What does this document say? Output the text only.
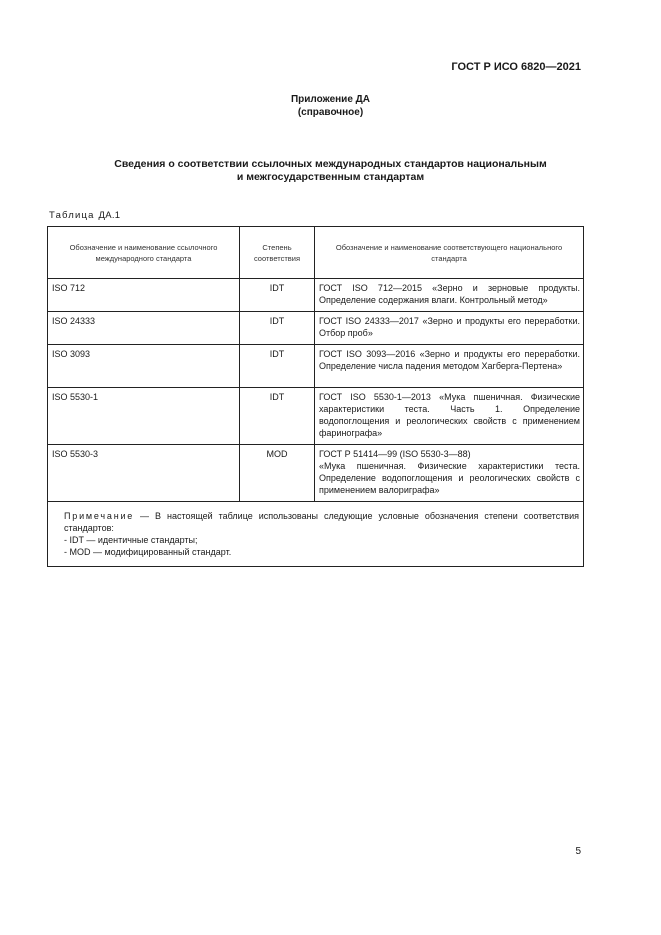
ГОСТ Р ИСО 6820—2021
Приложение ДА
(справочное)
Сведения о соответствии ссылочных международных стандартов национальным
и межгосударственным стандартам
Таблица ДА.1
Обозначение и наименование ссылочного международного стандарта	Степень соответствия	Обозначение и наименование соответствующего национального стандарта

ISO 712	IDT	ГОСТ ISO 712—2015 «Зерно и зерновые продукты. Определение содержания влаги. Контрольный метод»

ISO 24333	IDT	ГОСТ ISO 24333—2017 «Зерно и продукты его переработки. Отбор проб»

ISO 3093	IDT	ГОСТ ISO 3093—2016 «Зерно и продукты его переработки. Определение числа падения методом Хагберга-Пертена»

ISO 5530-1	IDT	ГОСТ ISO 5530-1—2013 «Мука пшеничная. Физические характеристики теста. Часть 1. Определение водопоглощения и реологических свойств с применением фаринографа»

ISO 5530-3	MOD	ГОСТ Р 51414—99 (ISO 5530-3—88)
«Мука пшеничная. Физические характеристики теста. Определение водопоглощения и реологических свойств с применением валориграфа»

Примечание — В настоящей таблице использованы следующие условные обозначения степени соответствия стандартов:
- IDT — идентичные стандарты;
- MOD — модифицированный стандарт.		
5
